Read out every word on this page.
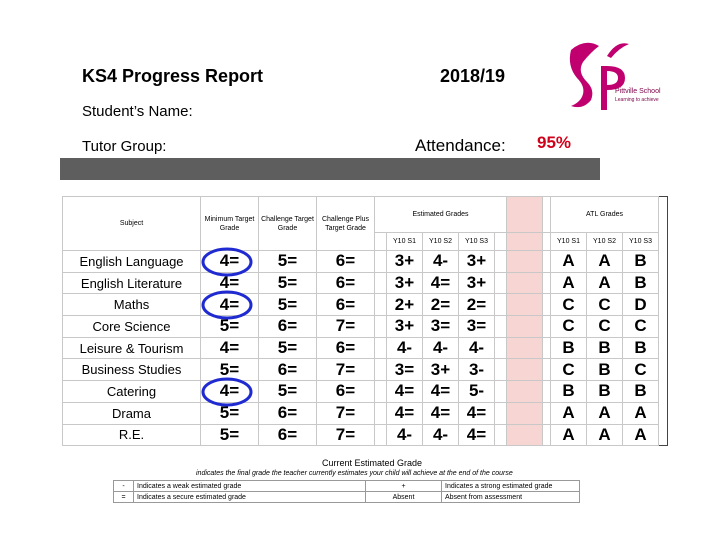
KS4 Progress Report	2018/19
Student’s Name:
Tutor Group:	Attendance: 95%
Pittville School
Learning to achieve
Subject	Minimum Target Grade	Challenge Target Grade	Challenge Plus Target Grade	Estimated Grades							ATL Grades		
					Y10 S1	Y10 S2	Y10 S3				Y10 S1	Y10 S2	Y10 S3
English Language	4=	5=	6=		3+	4-	3+				A	A	B
English Literature	4=	5=	6=		3+	4=	3+				A	A	B
Maths	4=	5=	6=		2+	2=	2=				C	C	D
Core Science	5=	6=	7=		3+	3=	3=				C	C	C
Leisure & Tourism	4=	5=	6=		4-	4-	4-				B	B	B
Business Studies	5=	6=	7=		3=	3+	3-				C	B	C
Catering	4=	5=	6=		4=	4=	5-				B	B	B
Drama	5=	6=	7=		4=	4=	4=				A	A	A
R.E.	5=	6=	7=		4-	4-	4=				A	A	A
Current Estimated Grade
indicates the final grade the teacher currently estimates your child will achieve at the end of the course
-	Indicates a weak estimated grade	+	Indicates a strong estimated grade
=	Indicates a secure estimated grade	Absent	Absent from assessment
